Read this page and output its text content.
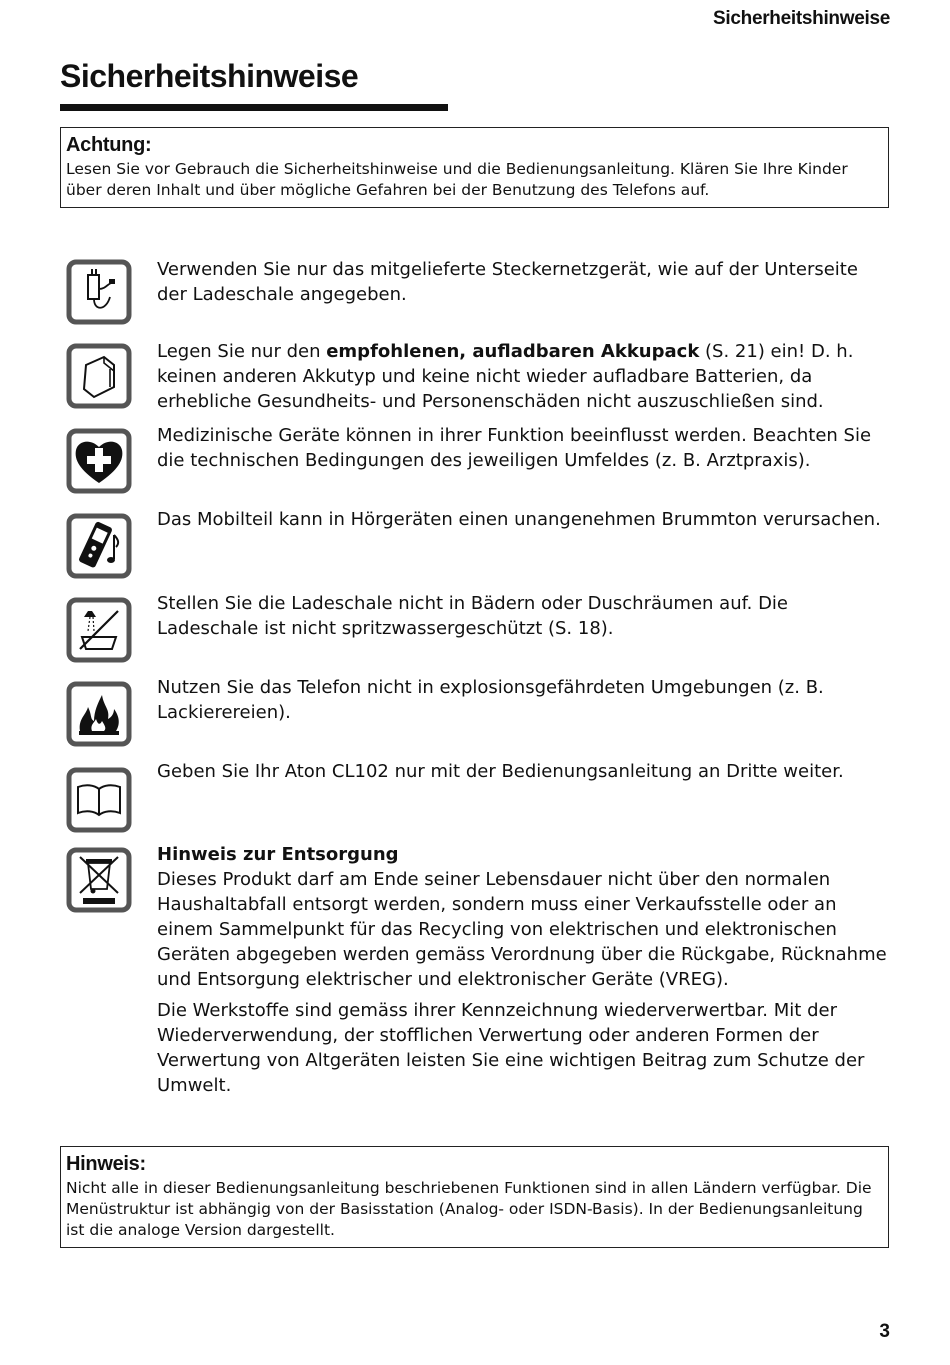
Sicherheitshinweise
Sicherheitshinweise
Achtung:

Lesen Sie vor Gebrauch die Sicherheitshinweise und die Bedienungsanleitung. Klären Sie Ihre Kinder über deren Inhalt und über mögliche Gefahren bei der Benutzung des Telefons auf.

Verwenden Sie nur das mitgelieferte Steckernetzgerät, wie auf der Unterseite der Ladeschale angegeben.

Legen Sie nur den empfohlenen, aufladbaren Akkupack (S. 21) ein! D. h. keinen anderen Akkutyp und keine nicht wieder aufladbare Batterien, da erhebliche Gesundheits- und Personenschäden nicht auszuschließen sind.

Medizinische Geräte können in ihrer Funktion beeinflusst werden. Beachten Sie die technischen Bedingungen des jeweiligen Umfeldes (z. B. Arztpraxis).

Das Mobilteil kann in Hörgeräten einen unangenehmen Brummton verursachen.

Stellen Sie die Ladeschale nicht in Bädern oder Duschräumen auf. Die Ladeschale ist nicht spritzwassergeschützt (S. 18).

Nutzen Sie das Telefon nicht in explosionsgefährdeten Umgebungen (z. B. Lackierereien).

Geben Sie Ihr Aton CL102 nur mit der Bedienungsanleitung an Dritte weiter.

Hinweis zur Entsorgung

Dieses Produkt darf am Ende seiner Lebensdauer nicht über den normalen Haushaltabfall entsorgt werden, sondern muss einer Verkaufsstelle oder an einem Sammelpunkt für das Recycling von elektrischen und elektronischen Geräten abgegeben werden gemäss Verordnung über die Rückgabe, Rücknahme und Entsorgung elektrischer und elektronischer Geräte (VREG).

Die Werkstoffe sind gemäss ihrer Kennzeichnung wiederverwertbar. Mit der Wiederverwendung, der stofflichen Verwertung oder anderen Formen der Verwertung von Altgeräten leisten Sie eine wichtigen Beitrag zum Schutze der Umwelt.

Hinweis:

Nicht alle in dieser Bedienungsanleitung beschriebenen Funktionen sind in allen Ländern verfügbar. Die Menüstruktur ist abhängig von der Basisstation (Analog- oder ISDN-Basis). In der Bedienungsanleitung ist die analoge Version dargestellt.

3
